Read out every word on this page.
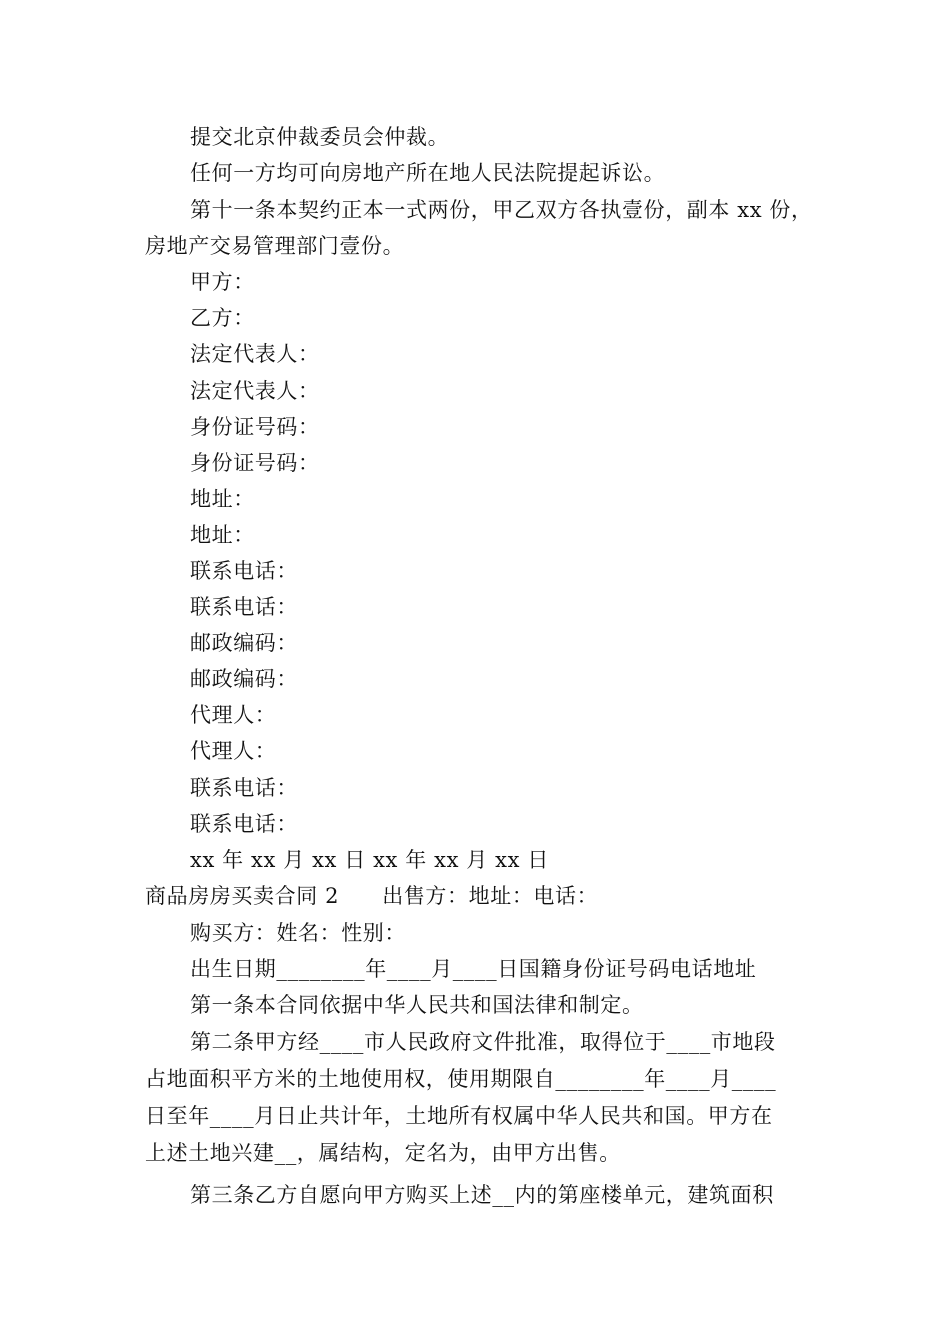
提交北京仲裁委员会仲裁。
任何一方均可向房地产所在地人民法院提起诉讼。
第十一条本契约正本一式两份，甲乙双方各执壹份，副本 xx 份，
房地产交易管理部门壹份。
甲方：
乙方：
法定代表人：
法定代表人：
身份证号码：
身份证号码：
地址：
地址：
联系电话：
联系电话：
邮政编码：
邮政编码：
代理人：
代理人：
联系电话：
联系电话：
xx 年 xx 月 xx 日 xx 年 xx 月 xx 日
商品房房买卖合同 2　　出售方：地址：电话：
购买方：姓名：性别：
出生日期________年____月____日国籍身份证号码电话地址
第一条本合同依据中华人民共和国法律和制定。
第二条甲方经____市人民政府文件批准，取得位于____市地段
占地面积平方米的土地使用权，使用期限自________年____月____
日至年____月日止共计年，土地所有权属中华人民共和国。甲方在
上述土地兴建__，属结构，定名为，由甲方出售。
第三条乙方自愿向甲方购买上述__内的第座楼单元，建筑面积
